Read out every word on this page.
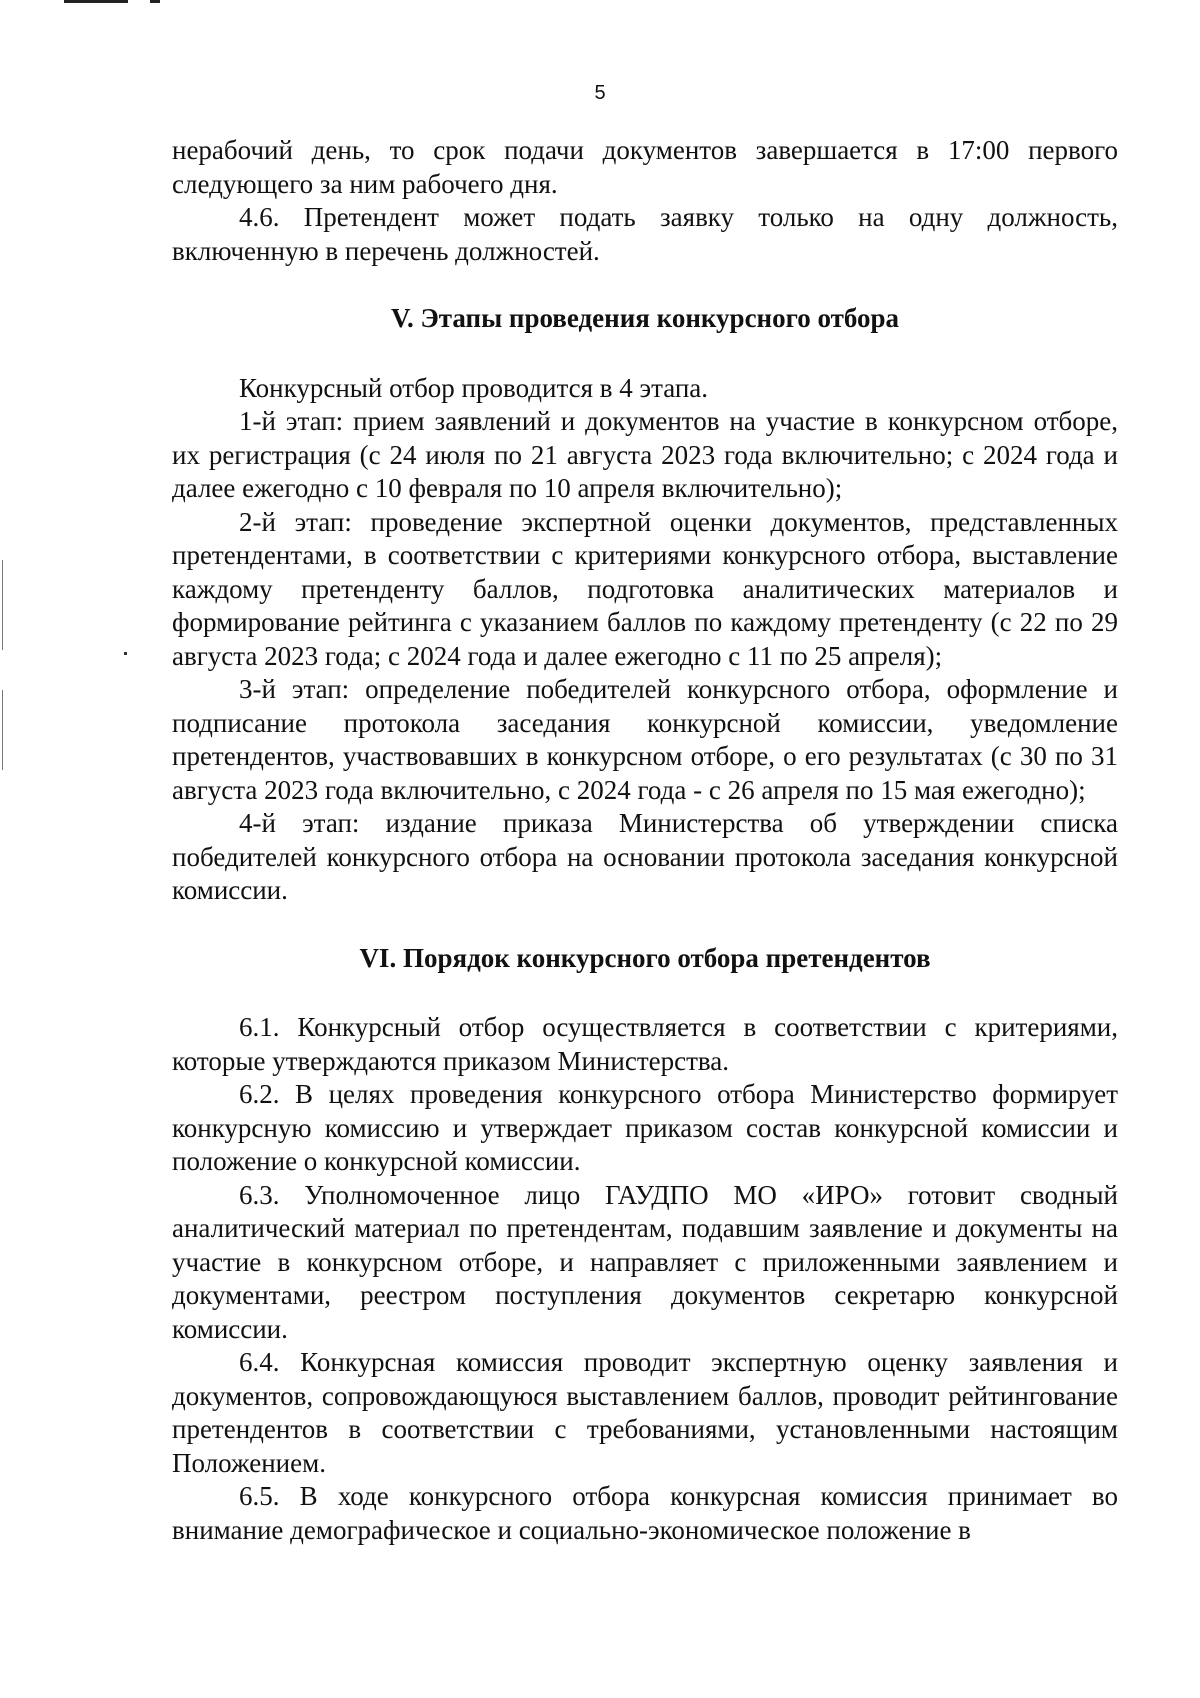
5

нерабочий день, то срок подачи документов завершается в 17:00 первого следующего за ним рабочего дня.

4.6. Претендент может подать заявку только на одну должность, включенную в перечень должностей.

V. Этапы проведения конкурсного отбора

Конкурсный отбор проводится в 4 этапа.

1-й этап: прием заявлений и документов на участие в конкурсном отборе, их регистрация (с 24 июля по 21 августа 2023 года включительно; с 2024 года и далее ежегодно с 10 февраля по 10 апреля включительно);

2-й этап: проведение экспертной оценки документов, представленных претендентами, в соответствии с критериями конкурсного отбора, выставление каждому претенденту баллов, подготовка аналитических материалов и формирование рейтинга с указанием баллов по каждому претенденту (с 22 по 29 августа 2023 года; с 2024 года и далее ежегодно с 11 по 25 апреля);

3-й этап: определение победителей конкурсного отбора, оформление и подписание протокола заседания конкурсной комиссии, уведомление претендентов, участвовавших в конкурсном отборе, о его результатах (с 30 по 31 августа 2023 года включительно, с 2024 года - с 26 апреля по 15 мая ежегодно);

4-й этап: издание приказа Министерства об утверждении списка победителей конкурсного отбора на основании протокола заседания конкурсной комиссии.

VI. Порядок конкурсного отбора претендентов

6.1. Конкурсный отбор осуществляется в соответствии с критериями, которые утверждаются приказом Министерства.

6.2. В целях проведения конкурсного отбора Министерство формирует конкурсную комиссию и утверждает приказом состав конкурсной комиссии и положение о конкурсной комиссии.

6.3. Уполномоченное лицо ГАУДПО МО «ИРО» готовит сводный аналитический материал по претендентам, подавшим заявление и документы на участие в конкурсном отборе, и направляет с приложенными заявлением и документами, реестром поступления документов секретарю конкурсной комиссии.

6.4. Конкурсная комиссия проводит экспертную оценку заявления и документов, сопровождающуюся выставлением баллов, проводит рейтингование претендентов в соответствии с требованиями, установленными настоящим Положением.

6.5. В ходе конкурсного отбора конкурсная комиссия принимает во внимание демографическое и социально-экономическое положение в
